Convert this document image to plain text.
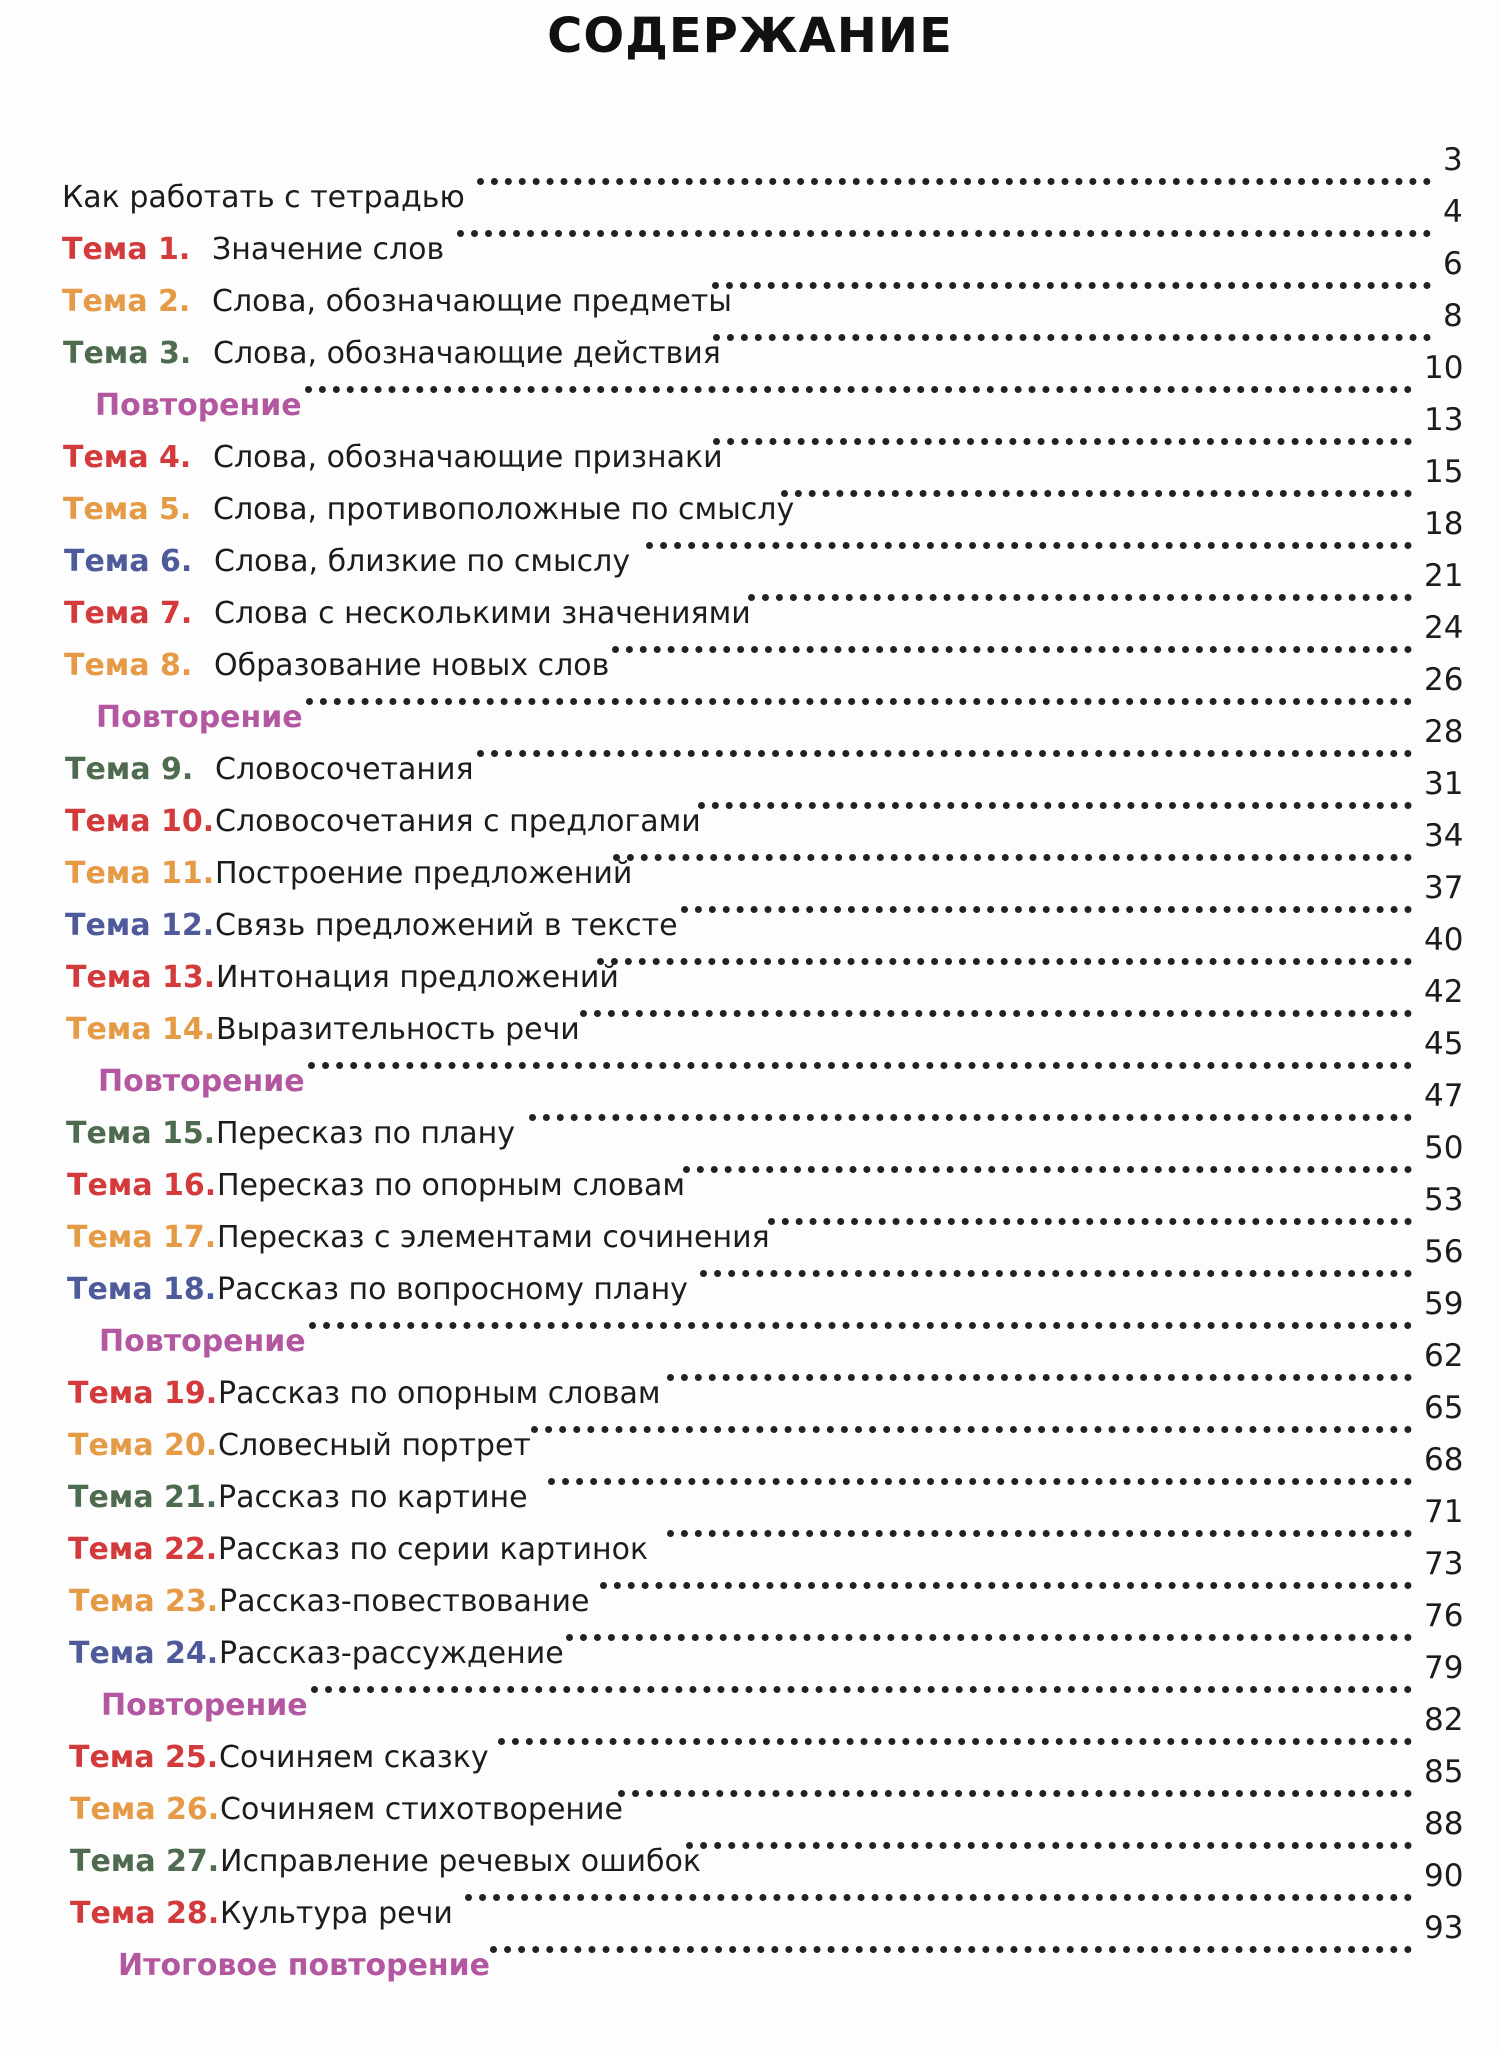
СОДЕРЖАНИЕ
Как работать с тетрадью
3
Тема 1. Значение слов
4
Тема 2. Слова, обозначающие предметы
6
Тема 3. Слова, обозначающие действия
8
Повторение
10
Тема 4. Слова, обозначающие признаки
13
Тема 5. Слова, противоположные по смыслу
15
Тема 6. Слова, близкие по смыслу
18
Тема 7. Слова с несколькими значениями
21
Тема 8. Образование новых слов
24
Повторение
26
Тема 9. Словосочетания
28
Тема 10. Словосочетания с предлогами
31
Тема 11. Построение предложений
34
Тема 12. Связь предложений в тексте
37
Тема 13. Интонация предложений
40
Тема 14. Выразительность речи
42
Повторение
45
Тема 15. Пересказ по плану
47
Тема 16. Пересказ по опорным словам
50
Тема 17. Пересказ с элементами сочинения
53
Тема 18. Рассказ по вопросному плану
56
Повторение
59
Тема 19. Рассказ по опорным словам
62
Тема 20. Словесный портрет
65
Тема 21. Рассказ по картине
68
Тема 22. Рассказ по серии картинок
71
Тема 23. Рассказ-повествование
73
Тема 24. Рассказ-рассуждение
76
Повторение
79
Тема 25. Сочиняем сказку
82
Тема 26. Сочиняем стихотворение
85
Тема 27. Исправление речевых ошибок
88
Тема 28. Культура речи
90
Итоговое повторение
93
